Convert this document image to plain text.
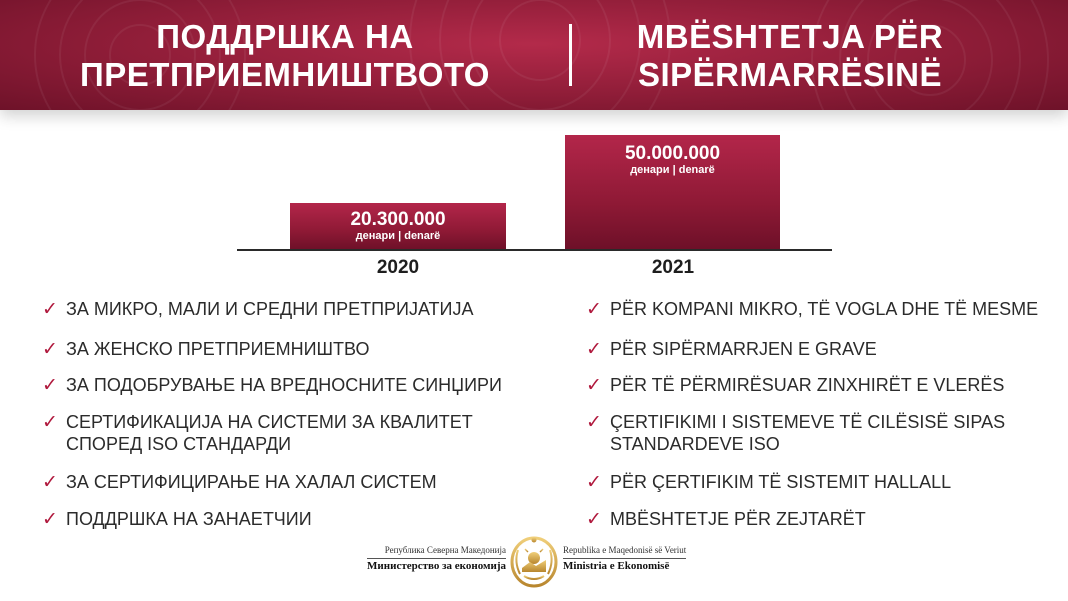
ПОДДРШКА НА
ПРЕТПРИЕМНИШТВОТО
MBËSHTETJA PËR
SIPËRMARRËSINË
20.300.000
денари | denarë
50.000.000
денари | denarë
2020	2021
✓ ЗА МИКРО, МАЛИ И СРЕДНИ ПРЕТПРИЈАТИЈА
✓ ЗА ЖЕНСКО ПРЕТПРИЕМНИШТВО
✓ ЗА ПОДОБРУВАЊЕ НА ВРЕДНОСНИТЕ СИНЏИРИ
✓ СЕРТИФИКАЦИЈА НА СИСТЕМИ ЗА КВАЛИТЕТ СПОРЕД ISO СТАНДАРДИ
✓ ЗА СЕРТИФИЦИРАЊЕ НА ХАЛАЛ СИСТЕМ
✓ ПОДДРШКА НА ЗАНАЕТЧИИ
✓ PËR KOMPANI MIKRO, TË VOGLA DHE TË MESME
✓ PËR SIPËRMARRJEN E GRAVE
✓ PËR TË PËRMIRËSUAR ZINXHIRËT E VLERËS
✓ ÇERTIFIKIMI I SISTEMEVE TË CILËSISË SIPAS STANDARDEVE ISO
✓ PËR ÇERTIFIKIM TË SISTEMIT HALLALL
✓ MBËSHTETJE PËR ZEJTARËT
Република Северна Македонија
Министерство за економија
Republika e Maqedonisë së Veriut
Ministria e Ekonomisë
